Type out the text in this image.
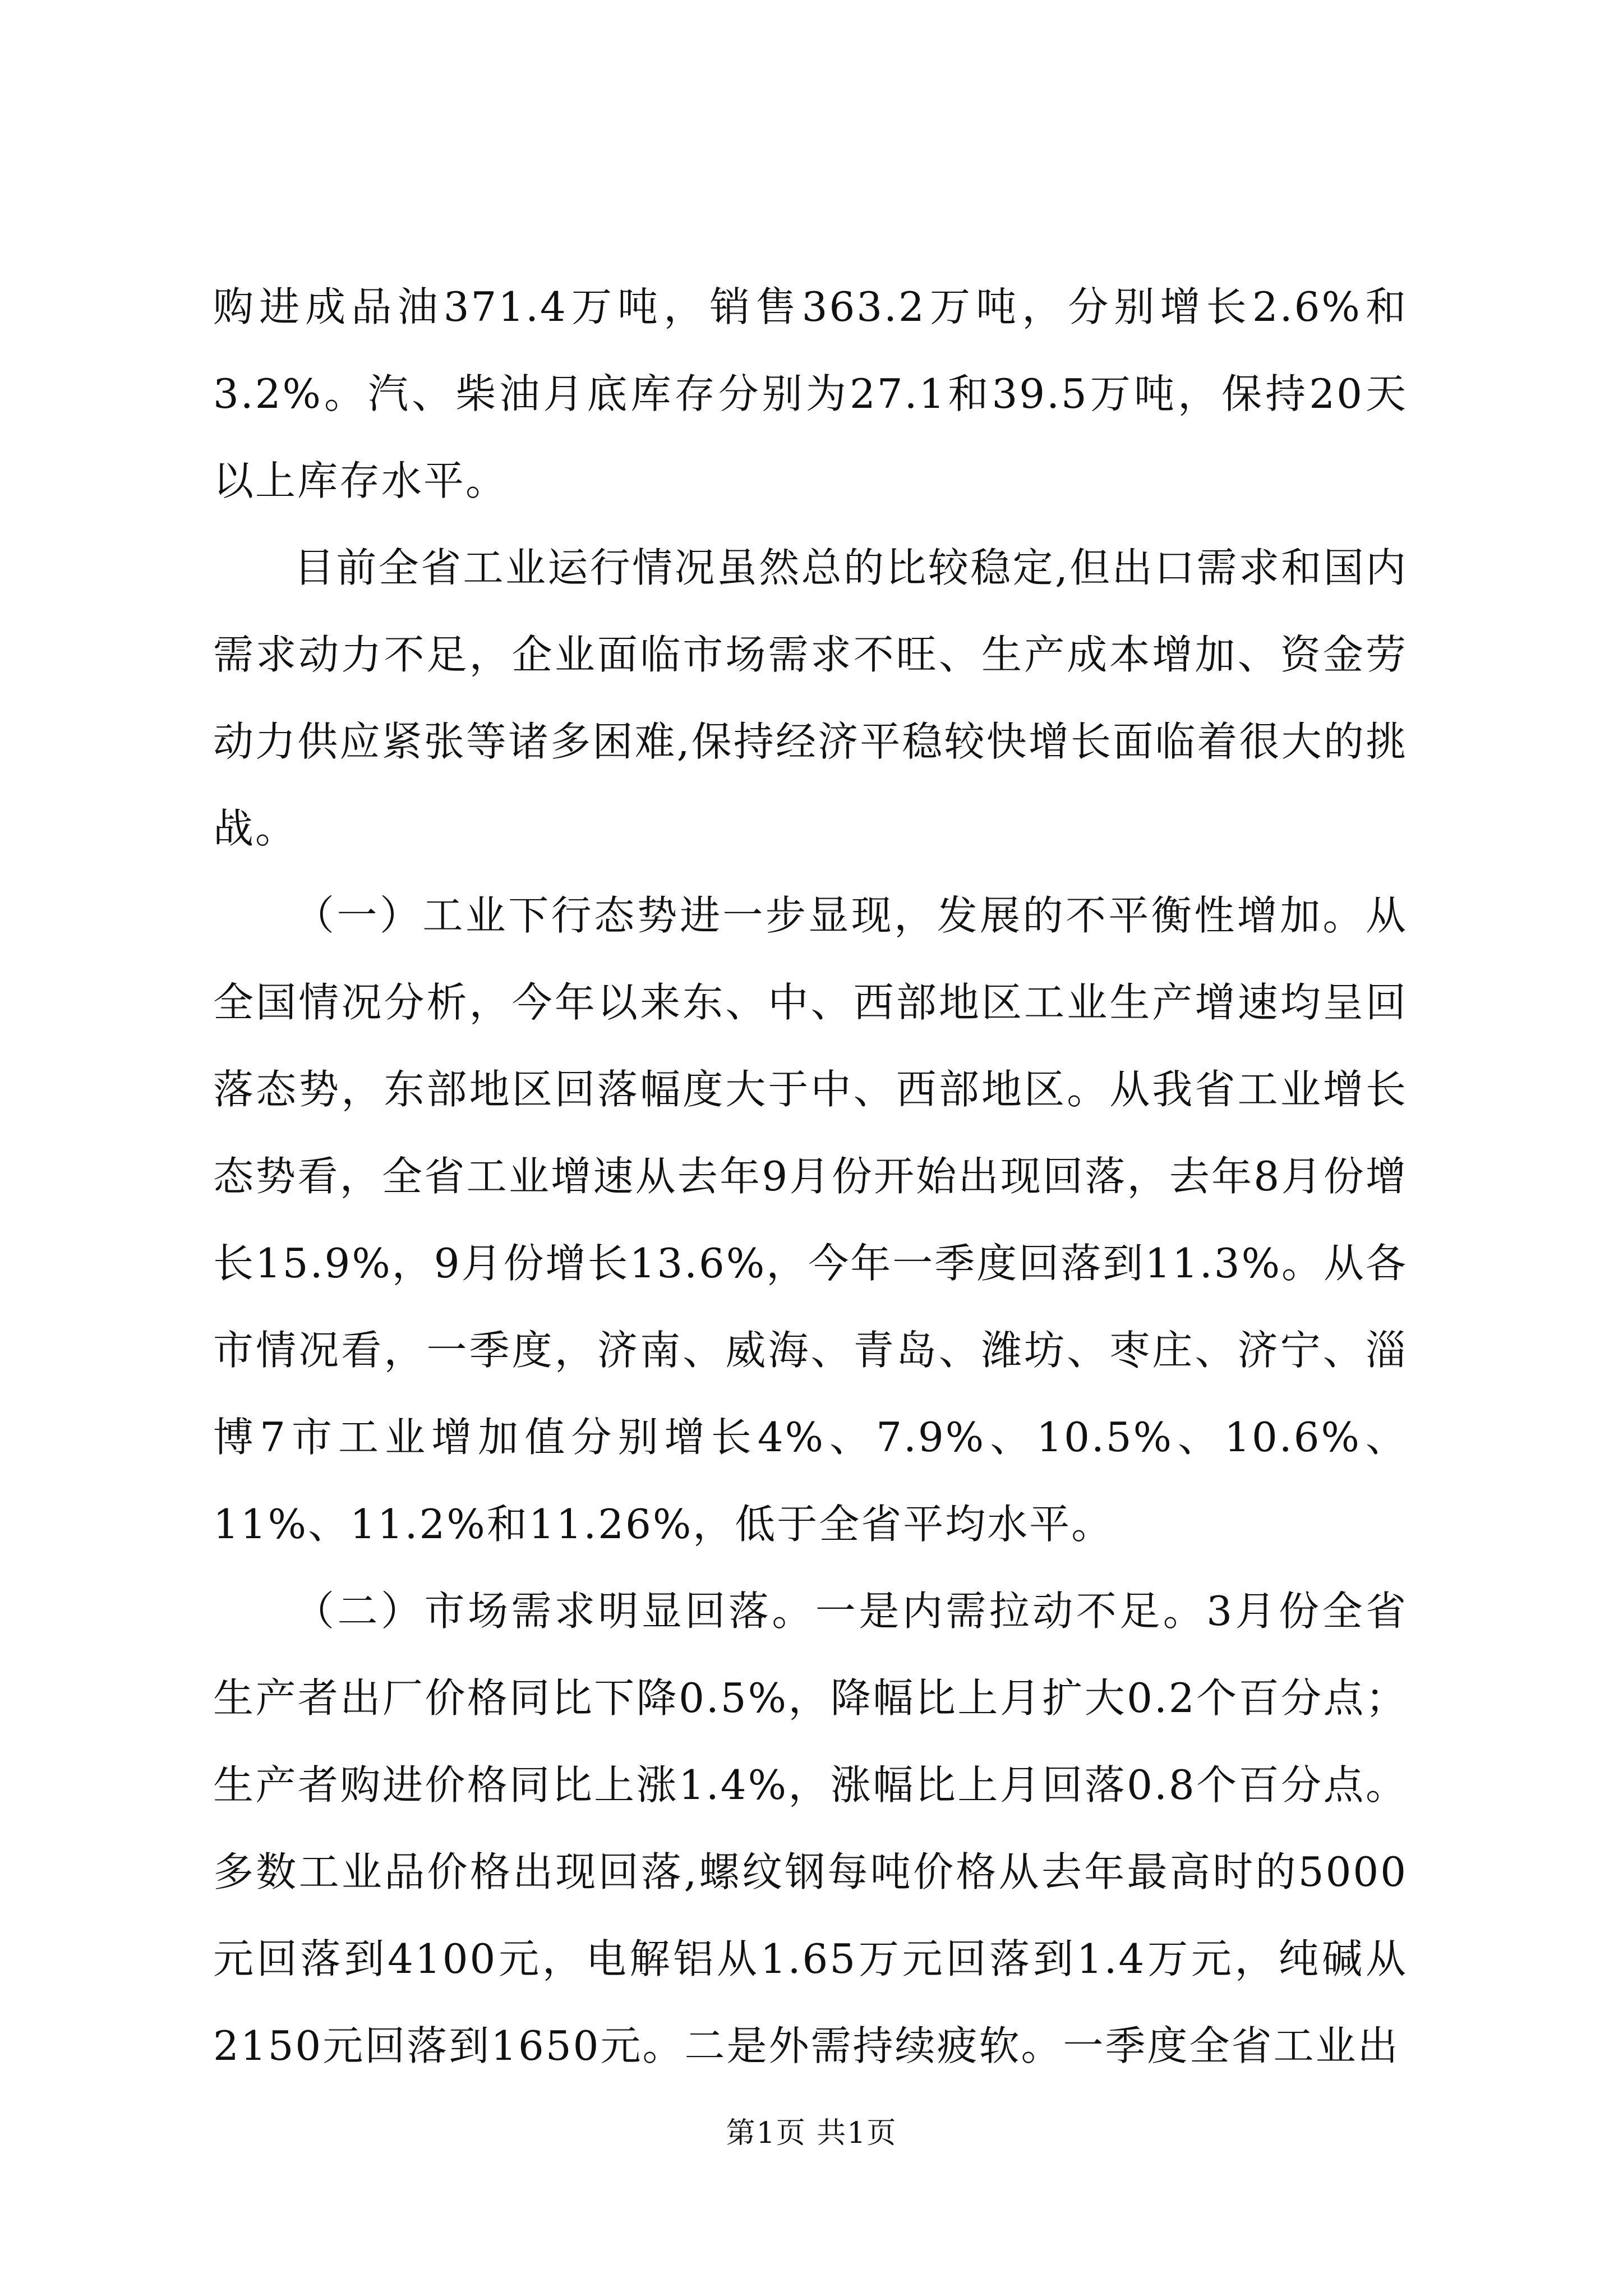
购进成品油371.4万吨，销售363.2万吨，分别增长2.6%和3.2%。汽、柴油月底库存分别为27.1和39.5万吨，保持20天以上库存水平。

目前全省工业运行情况虽然总的比较稳定,但出口需求和国内需求动力不足，企业面临市场需求不旺、生产成本增加、资金劳动力供应紧张等诸多困难,保持经济平稳较快增长面临着很大的挑战。

（一）工业下行态势进一步显现，发展的不平衡性增加。从全国情况分析，今年以来东、中、西部地区工业生产增速均呈回落态势，东部地区回落幅度大于中、西部地区。从我省工业增长态势看，全省工业增速从去年9月份开始出现回落，去年8月份增长15.9%，9月份增长13.6%，今年一季度回落到11.3%。从各市情况看，一季度，济南、威海、青岛、潍坊、枣庄、济宁、淄博7市工业增加值分别增长4%、7.9%、10.5%、10.6%、11%、11.2%和11.26%，低于全省平均水平。

（二）市场需求明显回落。一是内需拉动不足。3月份全省生产者出厂价格同比下降0.5%，降幅比上月扩大0.2个百分点；生产者购进价格同比上涨1.4%，涨幅比上月回落0.8个百分点。多数工业品价格出现回落,螺纹钢每吨价格从去年最高时的5000元回落到4100元，电解铝从1.65万元回落到1.4万元，纯碱从2150元回落到1650元。二是外需持续疲软。一季度全省工业出

第1页 共1页
